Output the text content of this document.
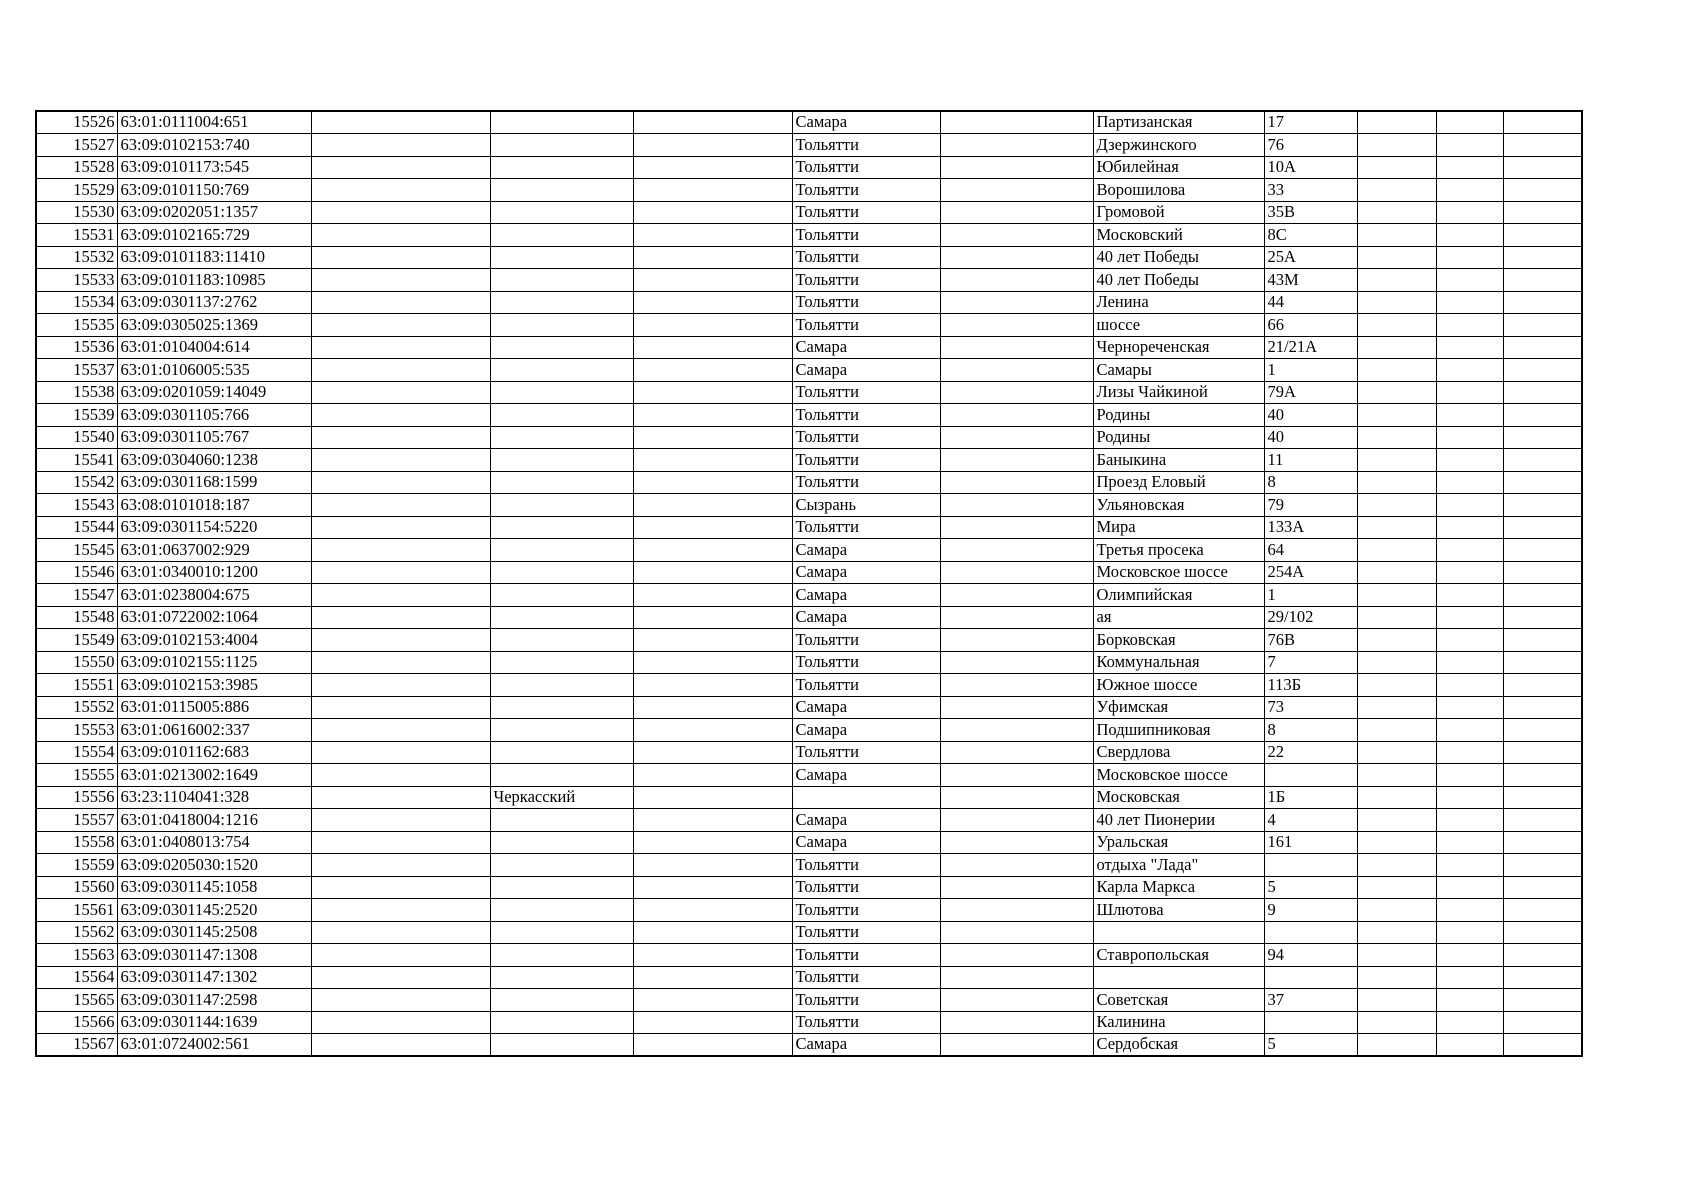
15526	63:01:0111004:651				Самара		Партизанская	17			
15527	63:09:0102153:740				Тольятти		Дзержинского	76			
15528	63:09:0101173:545				Тольятти		Юбилейная	10А			
15529	63:09:0101150:769				Тольятти		Ворошилова	33			
15530	63:09:0202051:1357				Тольятти		Громовой	35В			
15531	63:09:0102165:729				Тольятти		Московский	8С			
15532	63:09:0101183:11410				Тольятти		40 лет Победы	25А			
15533	63:09:0101183:10985				Тольятти		40 лет Победы	43М			
15534	63:09:0301137:2762				Тольятти		Ленина	44			
15535	63:09:0305025:1369				Тольятти		шоссе	66			
15536	63:01:0104004:614				Самара		Чернореченская	21/21А			
15537	63:01:0106005:535				Самара		Самары	1			
15538	63:09:0201059:14049				Тольятти		Лизы Чайкиной	79А			
15539	63:09:0301105:766				Тольятти		Родины	40			
15540	63:09:0301105:767				Тольятти		Родины	40			
15541	63:09:0304060:1238				Тольятти		Баныкина	11			
15542	63:09:0301168:1599				Тольятти		Проезд Еловый	8			
15543	63:08:0101018:187				Сызрань		Ульяновская	79			
15544	63:09:0301154:5220				Тольятти		Мира	133А			
15545	63:01:0637002:929				Самара		Третья просека	64			
15546	63:01:0340010:1200				Самара		Московское шоссе	254А			
15547	63:01:0238004:675				Самара		Олимпийская	1			
15548	63:01:0722002:1064				Самара		ая	29/102			
15549	63:09:0102153:4004				Тольятти		Борковская	76В			
15550	63:09:0102155:1125				Тольятти		Коммунальная	7			
15551	63:09:0102153:3985				Тольятти		Южное шоссе	113Б			
15552	63:01:0115005:886				Самара		Уфимская	73			
15553	63:01:0616002:337				Самара		Подшипниковая	8			
15554	63:09:0101162:683				Тольятти		Свердлова	22			
15555	63:01:0213002:1649				Самара		Московское шоссе				
15556	63:23:1104041:328		Черкасский				Московская	1Б			
15557	63:01:0418004:1216				Самара		40 лет Пионерии	4			
15558	63:01:0408013:754				Самара		Уральская	161			
15559	63:09:0205030:1520				Тольятти		отдыха "Лада"				
15560	63:09:0301145:1058				Тольятти		Карла Маркса	5			
15561	63:09:0301145:2520				Тольятти		Шлютова	9			
15562	63:09:0301145:2508				Тольятти						
15563	63:09:0301147:1308				Тольятти		Ставропольская	94			
15564	63:09:0301147:1302				Тольятти						
15565	63:09:0301147:2598				Тольятти		Советская	37			
15566	63:09:0301144:1639				Тольятти		Калинина				
15567	63:01:0724002:561				Самара		Сердобская	5			
